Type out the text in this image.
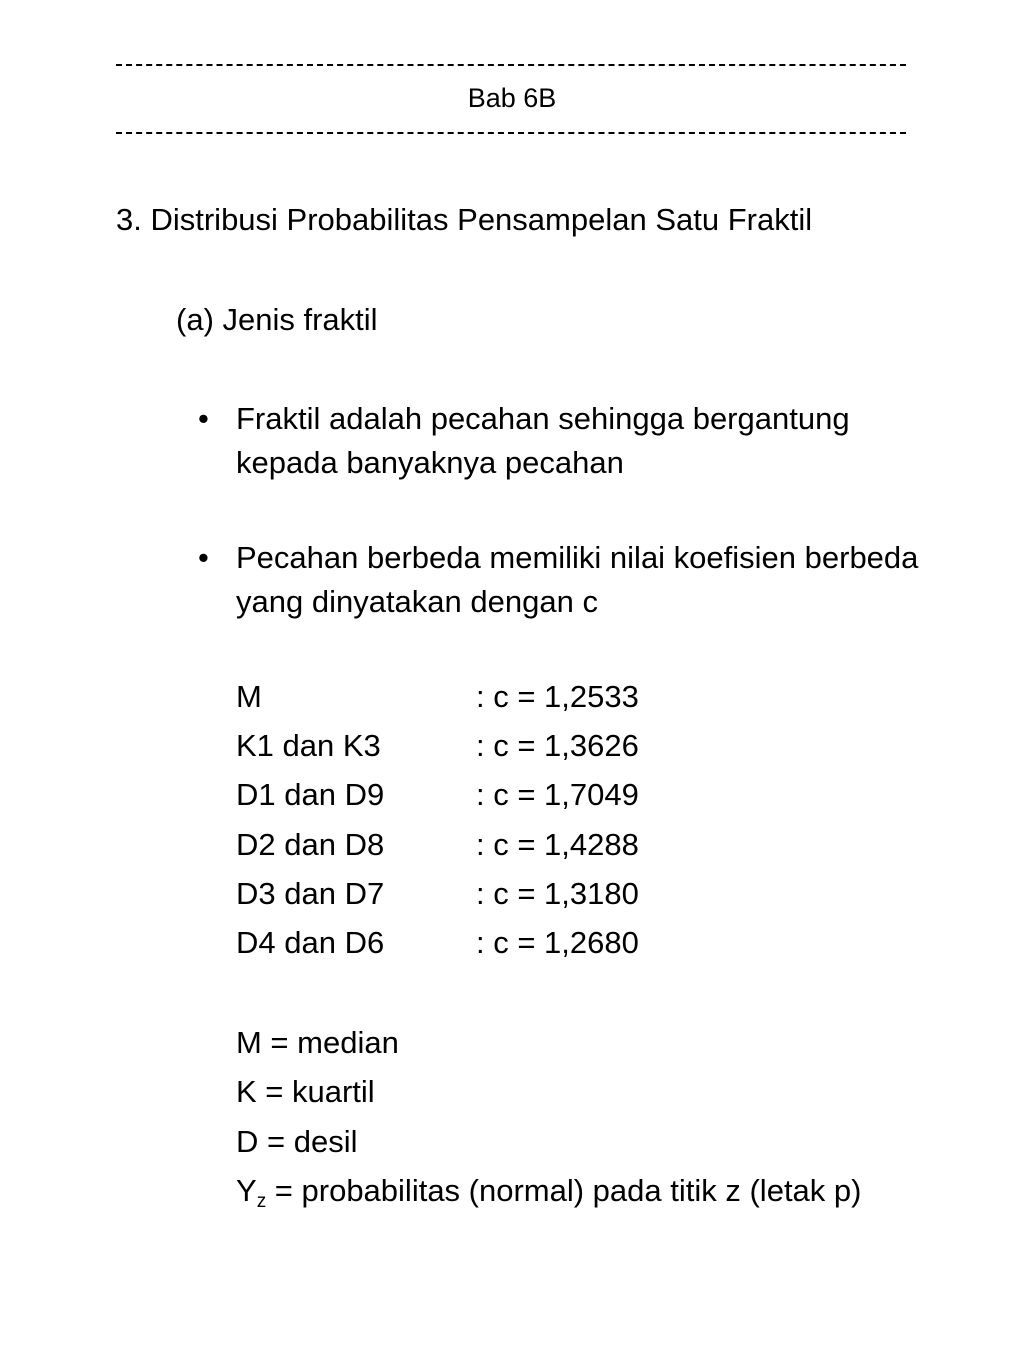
Bab 6B
3. Distribusi Probabilitas Pensampelan Satu Fraktil
(a) Jenis fraktil
• Fraktil adalah pecahan sehingga bergantung kepada banyaknya pecahan
• Pecahan berbeda memiliki nilai koefisien berbeda yang dinyatakan dengan c
M	: c = 1,2533
K1 dan K3	: c = 1,3626
D1 dan D9	: c = 1,7049
D2 dan D8	: c = 1,4288
D3 dan D7	: c = 1,3180
D4 dan D6	: c = 1,2680
M = median
K = kuartil
D = desil
$Y_z$ = probabilitas (normal) pada titik z (letak p)
